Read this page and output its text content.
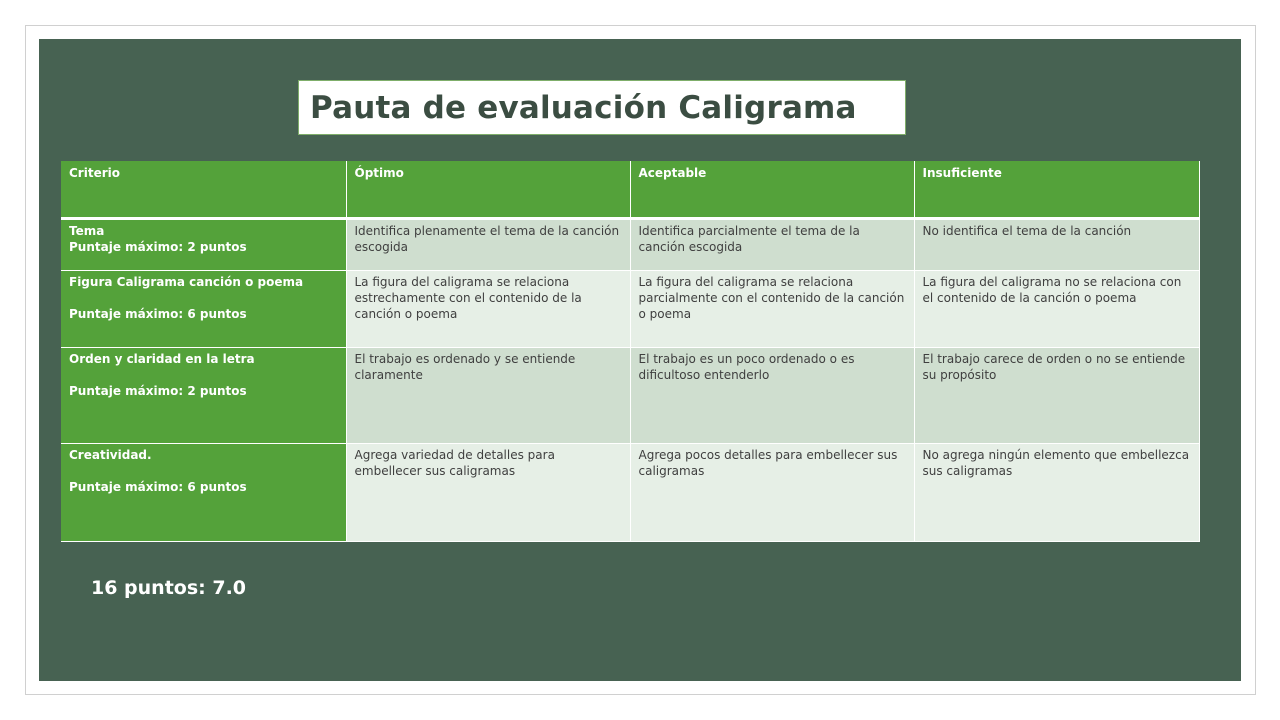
Pauta de evaluación Caligrama
Criterio	Óptimo	Aceptable	Insuficiente

Tema
Puntaje máximo: 2 puntos	Identifica plenamente el tema de la canción escogida	Identifica parcialmente el tema de la canción escogida	No identifica el tema de la canción

Figura Caligrama canción o poema
Puntaje máximo: 6 puntos	La figura del caligrama se relaciona estrechamente con el contenido de la canción o poema	La figura del caligrama se relaciona parcialmente con el contenido de la canción o poema	La figura del caligrama no se relaciona con el contenido de la canción o poema

Orden y claridad en la letra
Puntaje máximo: 2 puntos	El trabajo es ordenado y se entiende claramente	El trabajo es un poco ordenado o es dificultoso entenderlo	El trabajo carece de orden o no se entiende su propósito

Creatividad.
Puntaje máximo: 6 puntos	Agrega variedad de detalles para embellecer sus caligramas	Agrega pocos detalles para embellecer sus caligramas	No agrega ningún elemento que embellezca sus caligramas
16 puntos: 7.0
